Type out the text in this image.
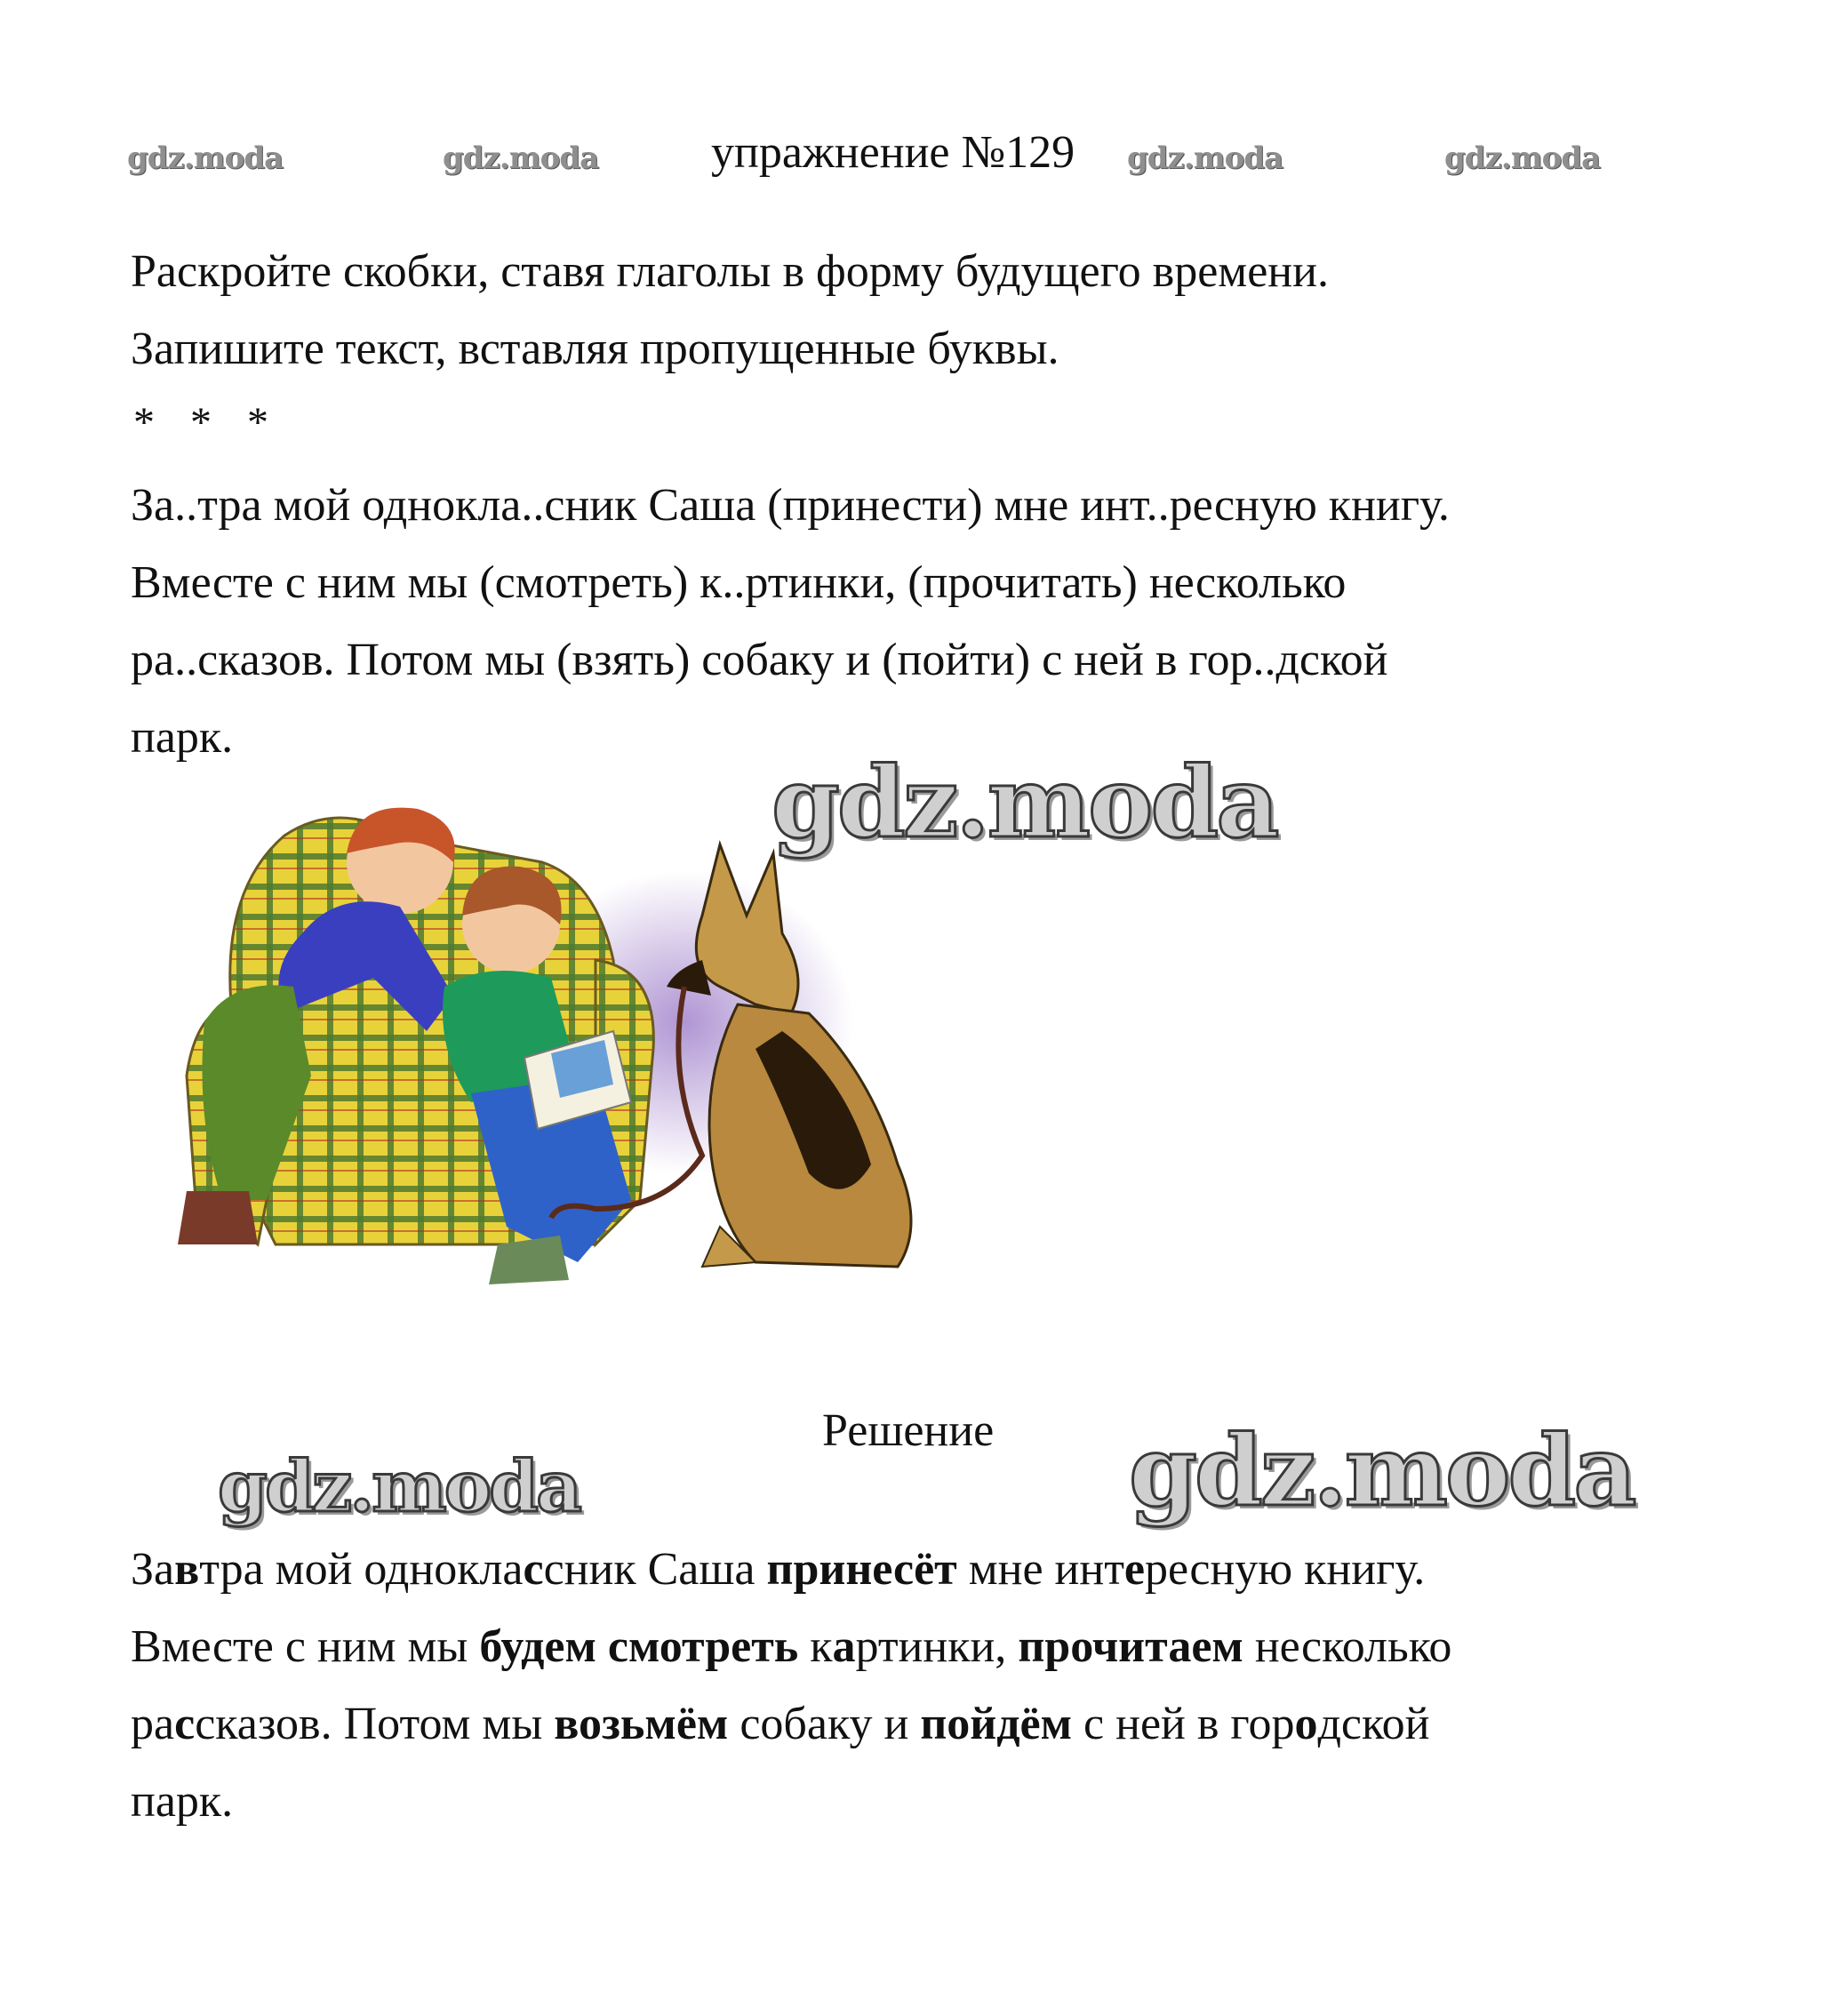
gdz.moda	gdz.moda	gdz.moda	gdz.moda
упражнение №129
Раскройте скобки, ставя глаголы в форму будущего времени.
Запишите текст, вставляя пропущенные буквы.
* * *
За..тра мой однокла..сник Саша (принести) мне инт..ресную книгу.
Вместе с ним мы (смотреть) к..ртинки, (прочитать) несколько
ра..сказов. Потом мы (взять) собаку и (пойти) с ней в гор..дской
парк.
gdz.moda
Решение
gdz.moda	gdz.moda
Завтра мой одноклассник Саша принесёт мне интересную книгу.
Вместе с ним мы будем смотреть картинки, прочитаем несколько
рассказов. Потом мы возьмём собаку и пойдём с ней в городской
парк.
